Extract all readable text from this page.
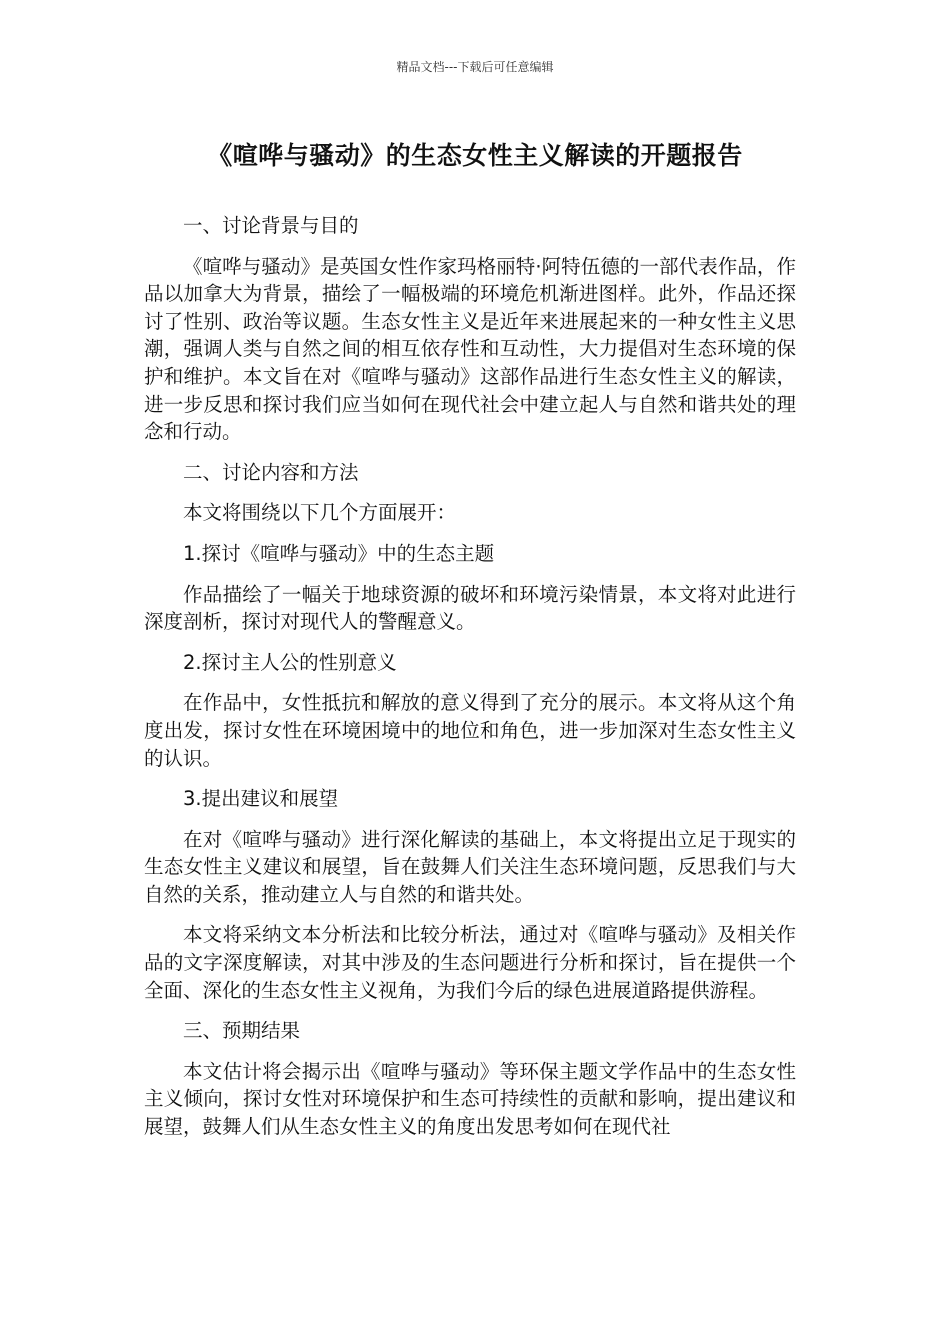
精品文档---下载后可任意编辑
《喧哗与骚动》的生态女性主义解读的开题报告
一、讨论背景与目的

《喧哗与骚动》是英国女性作家玛格丽特·阿特伍德的一部代表作品，作品以加拿大为背景，描绘了一幅极端的环境危机渐进图样。此外，作品还探讨了性别、政治等议题。生态女性主义是近年来进展起来的一种女性主义思潮，强调人类与自然之间的相互依存性和互动性，大力提倡对生态环境的保护和维护。本文旨在对《喧哗与骚动》这部作品进行生态女性主义的解读，进一步反思和探讨我们应当如何在现代社会中建立起人与自然和谐共处的理念和行动。

二、讨论内容和方法

本文将围绕以下几个方面展开：

1.探讨《喧哗与骚动》中的生态主题

作品描绘了一幅关于地球资源的破坏和环境污染情景，本文将对此进行深度剖析，探讨对现代人的警醒意义。

2.探讨主人公的性别意义

在作品中，女性抵抗和解放的意义得到了充分的展示。本文将从这个角度出发，探讨女性在环境困境中的地位和角色，进一步加深对生态女性主义的认识。

3.提出建议和展望

在对《喧哗与骚动》进行深化解读的基础上，本文将提出立足于现实的生态女性主义建议和展望，旨在鼓舞人们关注生态环境问题，反思我们与大自然的关系，推动建立人与自然的和谐共处。

本文将采纳文本分析法和比较分析法，通过对《喧哗与骚动》及相关作品的文字深度解读，对其中涉及的生态问题进行分析和探讨，旨在提供一个全面、深化的生态女性主义视角，为我们今后的绿色进展道路提供游程。

三、预期结果

本文估计将会揭示出《喧哗与骚动》等环保主题文学作品中的生态女性主义倾向，探讨女性对环境保护和生态可持续性的贡献和影响，提出建议和展望，鼓舞人们从生态女性主义的角度出发思考如何在现代社
